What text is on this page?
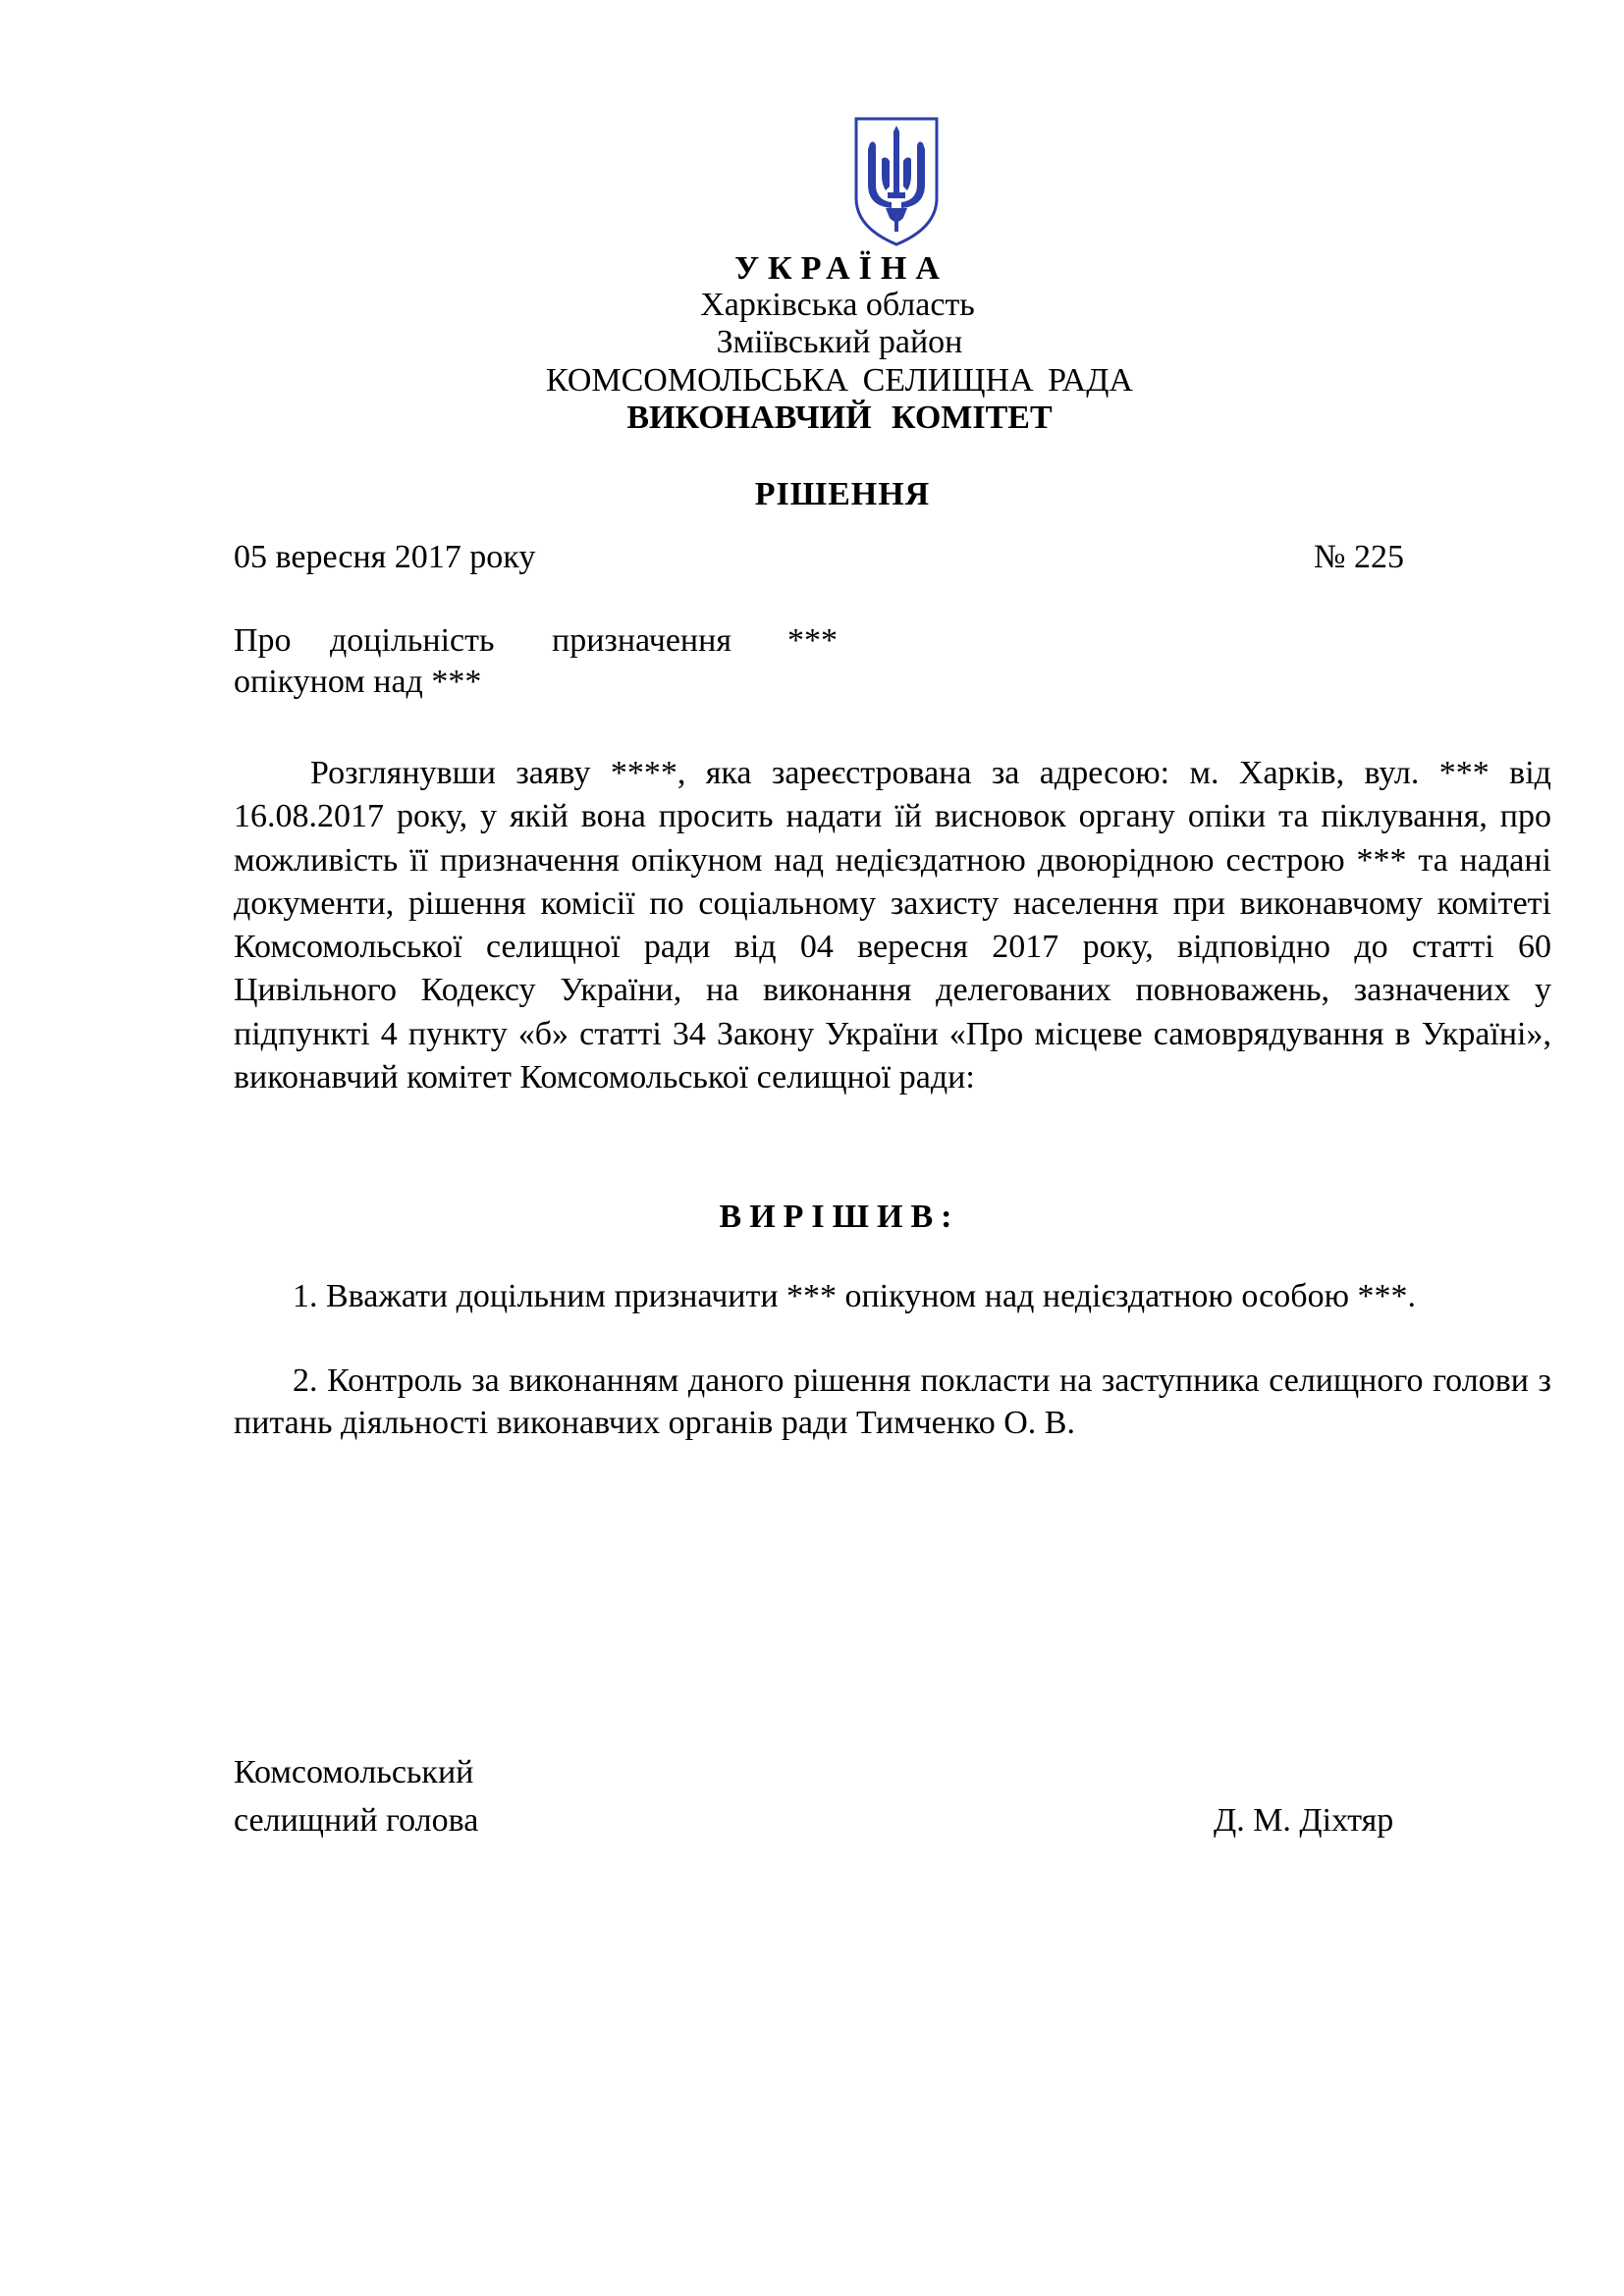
УКРАЇНА
Харківська область
Зміївський район
КОМСОМОЛЬСЬКА СЕЛИЩНА РАДА
ВИКОНАВЧИЙ КОМІТЕТ
РІШЕННЯ
05 вересня 2017 року	№ 225
Про доцільність призначення ***
опікуном над ***
Розглянувши заяву ****, яка зареєстрована за адресою: м. Харків, вул. *** від 16.08.2017 року, у якій вона просить надати їй висновок органу опіки та піклування, про можливість її призначення опікуном над недієздатною двоюрідною сестрою *** та надані документи, рішення комісії по соціальному захисту населення при виконавчому комітеті Комсомольської селищної ради від 04 вересня 2017 року, відповідно до статті 60 Цивільного Кодексу України, на виконання делегованих повноважень, зазначених у підпункті 4 пункту «б» статті 34 Закону України «Про місцеве самоврядування в Україні», виконавчий комітет Комсомольської селищної ради:
ВИРІШИВ:
1. Вважати доцільним призначити *** опікуном над недієздатною особою ***.
2. Контроль за виконанням даного рішення покласти на заступника селищного голови з питань діяльності виконавчих органів ради Тимченко О. В.
Комсомольський
селищний голова	Д. М. Діхтяр
